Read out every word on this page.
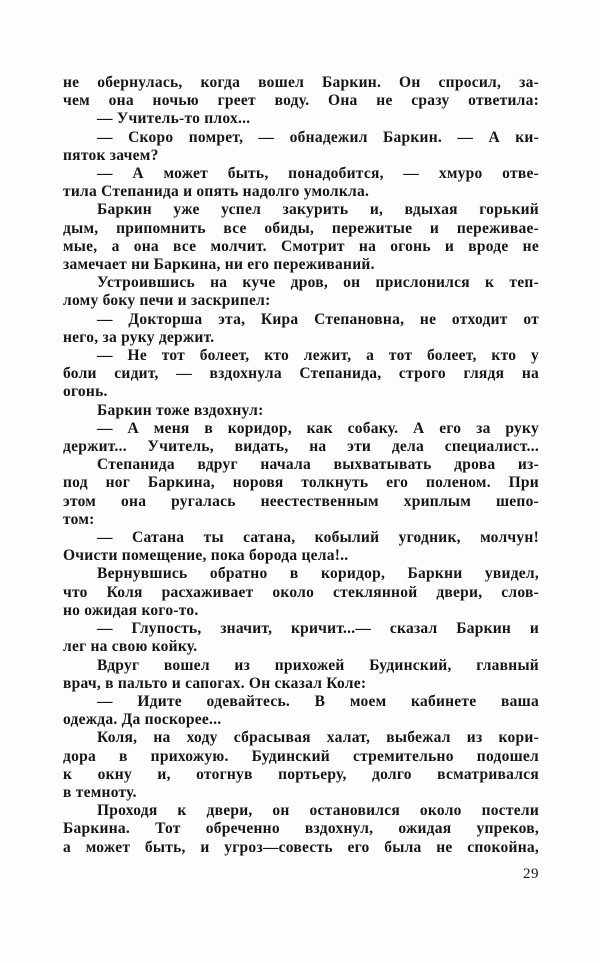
не обернулась, когда вошел Баркин. Он спросил, за-
чем она ночью греет воду. Она не сразу ответила:
— Учитель-то плох...
— Скоро помрет, — обнадежил Баркин. — А ки-
пяток зачем?
— А может быть, понадобится, — хмуро отве-
тила Степанида и опять надолго умолкла.
Баркин уже успел закурить и, вдыхая горький
дым, припомнить все обиды, пережитые и переживае-
мые, а она все молчит. Смотрит на огонь и вроде не
замечает ни Баркина, ни его переживаний.
Устроившись на куче дров, он прислонился к теп-
лому боку печи и заскрипел:
— Докторша эта, Кира Степановна, не отходит от
него, за руку держит.
— Не тот болеет, кто лежит, а тот болеет, кто у
боли сидит, — вздохнула Степанида, строго глядя на
огонь.
Баркин тоже вздохнул:
— А меня в коридор, как собаку. А его за руку
держит... Учитель, видать, на эти дела специалист...
Степанида вдруг начала выхватывать дрова из-
под ног Баркина, норовя толкнуть его поленом. При
этом она ругалась неестественным хриплым шепо-
том:
— Сатана ты сатана, кобылий угодник, молчун!
Очисти помещение, пока борода цела!..
Вернувшись обратно в коридор, Баркни увидел,
что Коля расхаживает около стеклянной двери, слов-
но ожидая кого-то.
— Глупость, значит, кричит...— сказал Баркин и
лег на свою койку.
Вдруг вошел из прихожей Будинский, главный
врач, в пальто и сапогах. Он сказал Коле:
— Идите одевайтесь. В моем кабинете ваша
одежда. Да поскорее...
Коля, на ходу сбрасывая халат, выбежал из кори-
дора в прихожую. Будинский стремительно подошел
к окну и, отогнув портьеру, долго всматривался
в темноту.
Проходя к двери, он остановился около постели
Баркина. Тот обреченно вздохнул, ожидая упреков,
а может быть, и угроз—совесть его была не спокойна,
29
